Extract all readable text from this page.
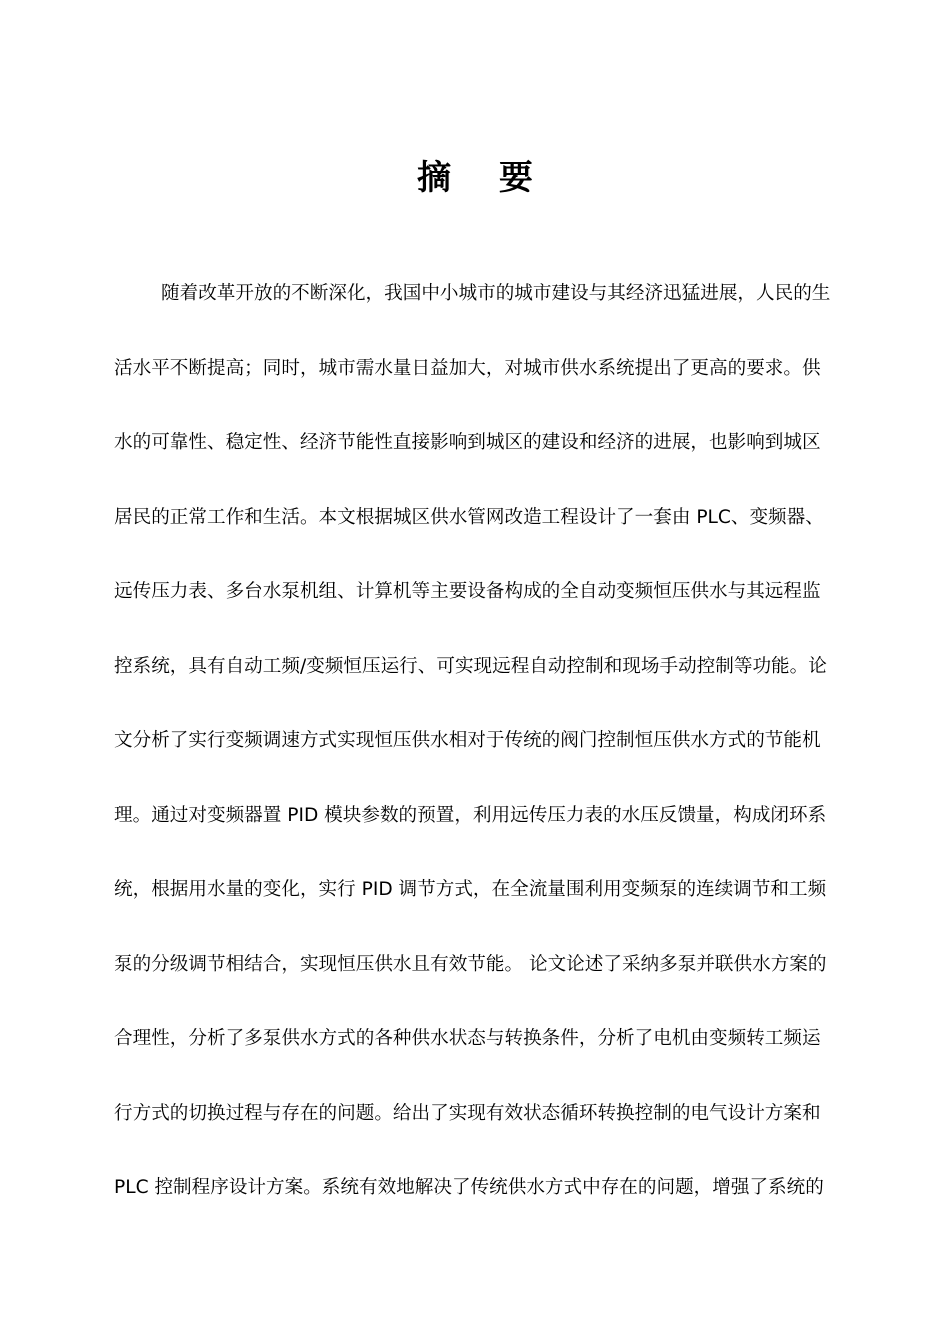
摘 要
随着改革开放的不断深化，我国中小城市的城市建设与其经济迅猛进展，人民的生
活水平不断提高；同时，城市需水量日益加大，对城市供水系统提出了更高的要求。供
水的可靠性、稳定性、经济节能性直接影响到城区的建设和经济的进展，也影响到城区
居民的正常工作和生活。本文根据城区供水管网改造工程设计了一套由 PLC、变频器、
远传压力表、多台水泵机组、计算机等主要设备构成的全自动变频恒压供水与其远程监
控系统，具有自动工频/变频恒压运行、可实现远程自动控制和现场手动控制等功能。论
文分析了实行变频调速方式实现恒压供水相对于传统的阀门控制恒压供水方式的节能机
理。通过对变频器置 PID 模块参数的预置，利用远传压力表的水压反馈量，构成闭环系
统，根据用水量的变化，实行 PID 调节方式，在全流量围利用变频泵的连续调节和工频
泵的分级调节相结合，实现恒压供水且有效节能。 论文论述了采纳多泵并联供水方案的
合理性，分析了多泵供水方式的各种供水状态与转换条件，分析了电机由变频转工频运
行方式的切换过程与存在的问题。给出了实现有效状态循环转换控制的电气设计方案和
PLC 控制程序设计方案。系统有效地解决了传统供水方式中存在的问题，增强了系统的
